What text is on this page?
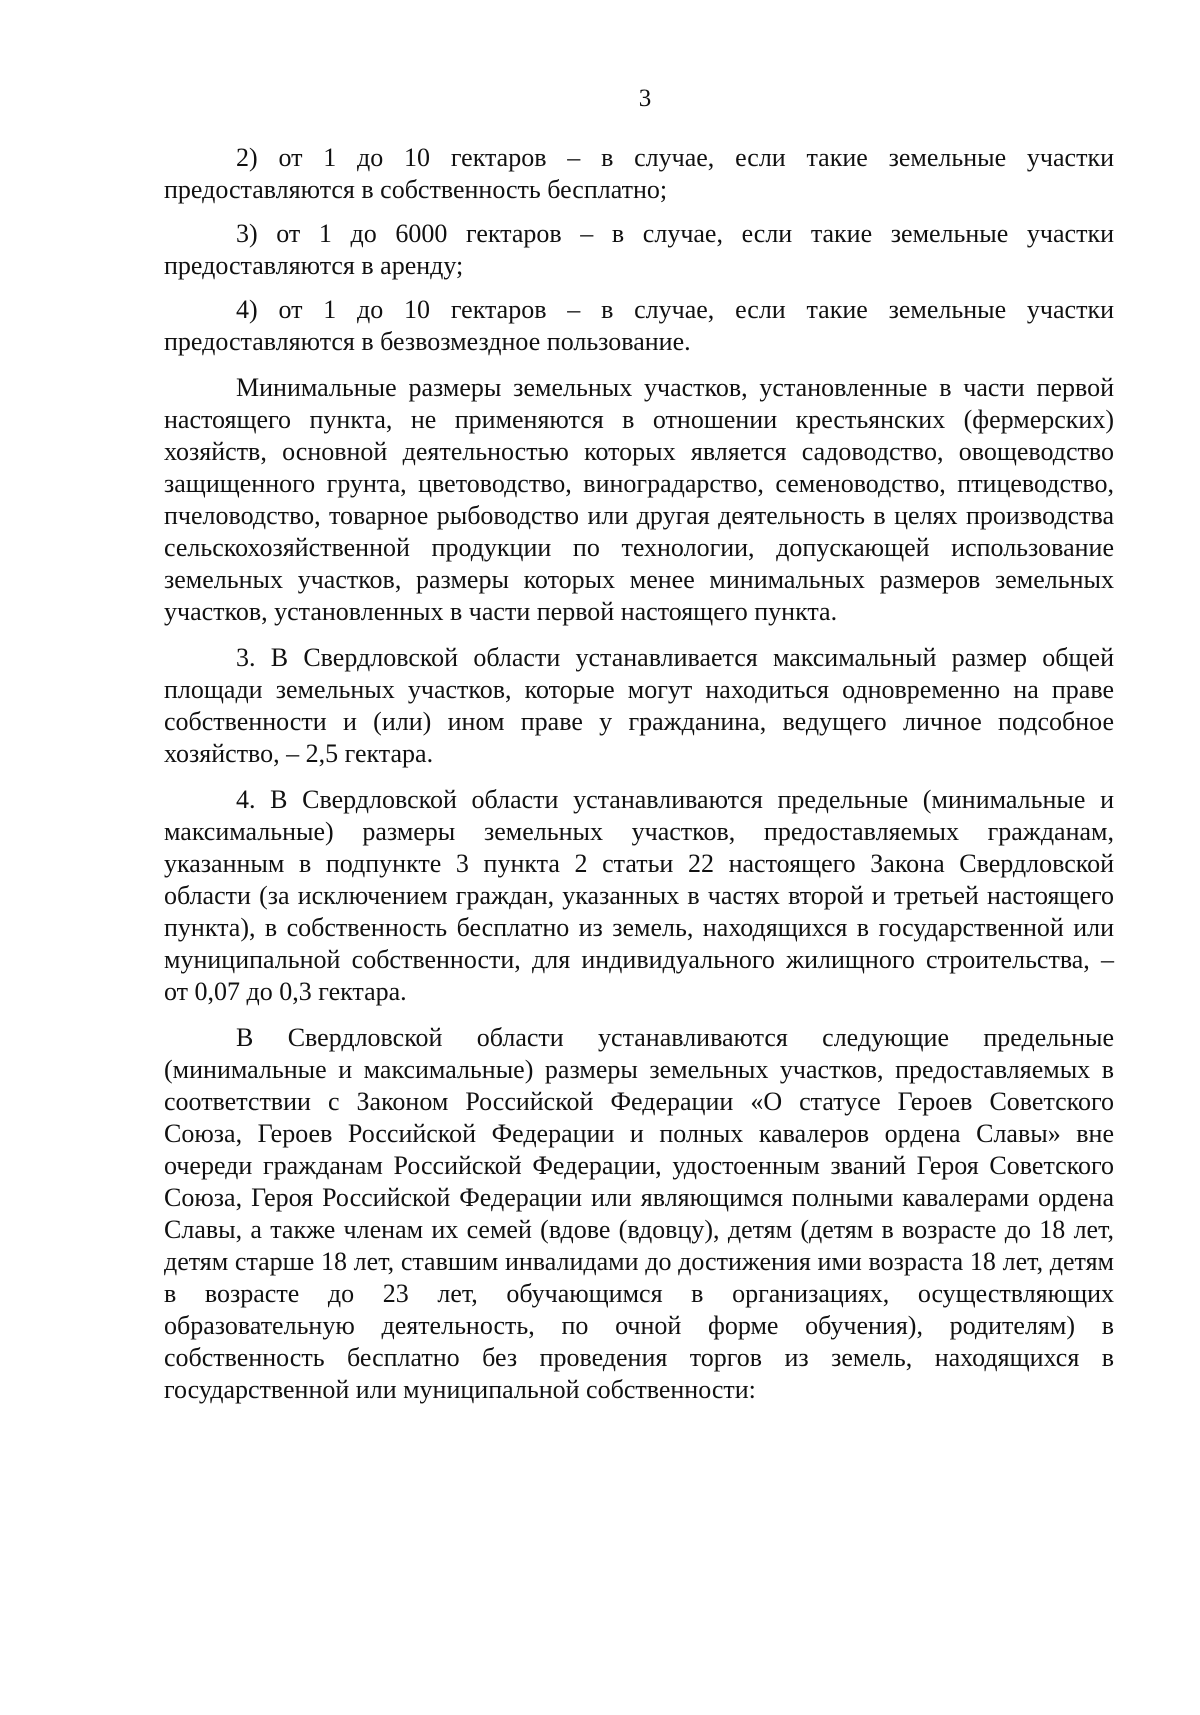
3

2) от 1 до 10 гектаров – в случае, если такие земельные участки предоставляются в собственность бесплатно;

3) от 1 до 6000 гектаров – в случае, если такие земельные участки предоставляются в аренду;

4) от 1 до 10 гектаров – в случае, если такие земельные участки предоставляются в безвозмездное пользование.

Минимальные размеры земельных участков, установленные в части первой настоящего пункта, не применяются в отношении крестьянских (фермерских) хозяйств, основной деятельностью которых является садоводство, овощеводство защищенного грунта, цветоводство, виноградарство, семеноводство, птицеводство, пчеловодство, товарное рыбоводство или другая деятельность в целях производства сельскохозяйственной продукции по технологии, допускающей использование земельных участков, размеры которых менее минимальных размеров земельных участков, установленных в части первой настоящего пункта.

3. В Свердловской области устанавливается максимальный размер общей площади земельных участков, которые могут находиться одновременно на праве собственности и (или) ином праве у гражданина, ведущего личное подсобное хозяйство, – 2,5 гектара.

4. В Свердловской области устанавливаются предельные (минимальные и максимальные) размеры земельных участков, предоставляемых гражданам, указанным в подпункте 3 пункта 2 статьи 22 настоящего Закона Свердловской области (за исключением граждан, указанных в частях второй и третьей настоящего пункта), в собственность бесплатно из земель, находящихся в государственной или муниципальной собственности, для индивидуального жилищного строительства, – от 0,07 до 0,3 гектара.

В Свердловской области устанавливаются следующие предельные (минимальные и максимальные) размеры земельных участков, предоставляемых в соответствии с Законом Российской Федерации «О статусе Героев Советского Союза, Героев Российской Федерации и полных кавалеров ордена Славы» вне очереди гражданам Российской Федерации, удостоенным званий Героя Советского Союза, Героя Российской Федерации или являющимся полными кавалерами ордена Славы, а также членам их семей (вдове (вдовцу), детям (детям в возрасте до 18 лет, детям старше 18 лет, ставшим инвалидами до достижения ими возраста 18 лет, детям в возрасте до 23 лет, обучающимся в организациях, осуществляющих образовательную деятельность, по очной форме обучения), родителям) в собственность бесплатно без проведения торгов из земель, находящихся в государственной или муниципальной собственности:
